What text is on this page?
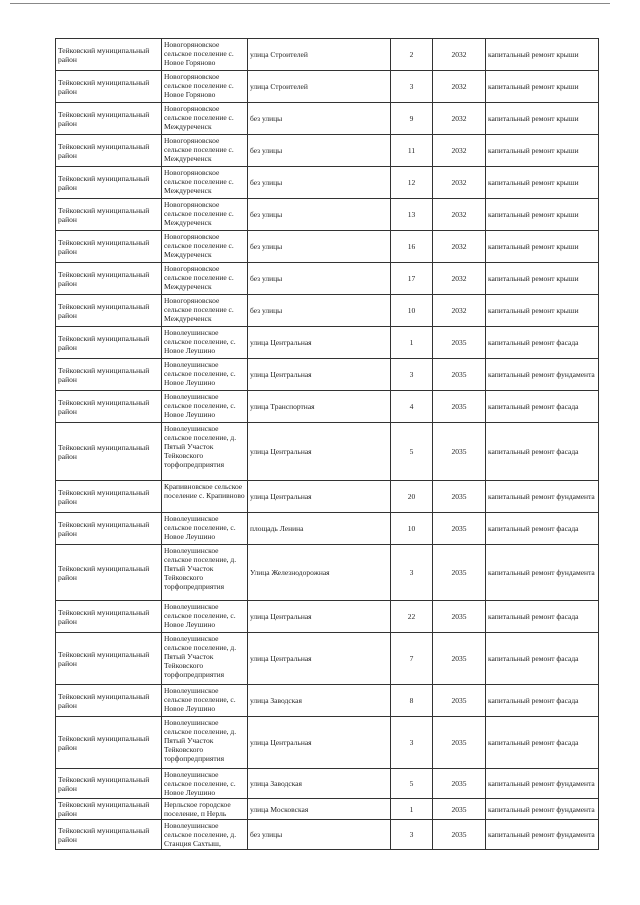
Тейковский муниципальный район	Новогоряновское сельское поселение с. Новое Горяново	улица Строителей	2	2032	капитальный ремонт крыши
Тейковский муниципальный район	Новогоряновское сельское поселение с. Новое Горяново	улица Строителей	3	2032	капитальный ремонт крыши
Тейковский муниципальный район	Новогоряновское сельское поселение с. Междуреченск	без улицы	9	2032	капитальный ремонт крыши
Тейковский муниципальный район	Новогоряновское сельское поселение с. Междуреченск	без улицы	11	2032	капитальный ремонт крыши
Тейковский муниципальный район	Новогоряновское сельское поселение с. Междуреченск	без улицы	12	2032	капитальный ремонт крыши
Тейковский муниципальный район	Новогоряновское сельское поселение с. Междуреченск	без улицы	13	2032	капитальный ремонт крыши
Тейковский муниципальный район	Новогоряновское сельское поселение с. Междуреченск	без улицы	16	2032	капитальный ремонт крыши
Тейковский муниципальный район	Новогоряновское сельское поселение с. Междуреченск	без улицы	17	2032	капитальный ремонт крыши
Тейковский муниципальный район	Новогоряновское сельское поселение с. Междуреченск	без улицы	10	2032	капитальный ремонт крыши
Тейковский муниципальный район	Новолеушинское сельское поселение, с. Новое Леушино	улица Центральная	1	2035	капитальный ремонт фасада
Тейковский муниципальный район	Новолеушинское сельское поселение, с. Новое Леушино	улица Центральная	3	2035	капитальный ремонт фундамента
Тейковский муниципальный район	Новолеушинское сельское поселение, с. Новое Леушино	улица Транспортная	4	2035	капитальный ремонт фасада
Тейковский муниципальный район	Новолеушинское сельское поселение, д. Пятый Участок Тейковского торфопредприятия	улица Центральная	5	2035	капитальный ремонт фасада
Тейковский муниципальный район	Крапивновское сельское поселение с. Крапивново	улица Центральная	20	2035	капитальный ремонт фундамента
Тейковский муниципальный район	Новолеушинское сельское поселение, с. Новое Леушино	площадь Ленина	10	2035	капитальный ремонт фасада
Тейковский муниципальный район	Новолеушинское сельское поселение, д. Пятый Участок Тейковского торфопредприятия	Улица Железнодорожная	3	2035	капитальный ремонт фундамента
Тейковский муниципальный район	Новолеушинское сельское поселение, с. Новое Леушино	улица Центральная	22	2035	капитальный ремонт фасада
Тейковский муниципальный район	Новолеушинское сельское поселение, д. Пятый Участок Тейковского торфопредприятия	улица Центральная	7	2035	капитальный ремонт фасада
Тейковский муниципальный район	Новолеушинское сельское поселение, с. Новое Леушино	улица Заводская	8	2035	капитальный ремонт фасада
Тейковский муниципальный район	Новолеушинское сельское поселение, д. Пятый Участок Тейковского торфопредприятия	улица Центральная	3	2035	капитальный ремонт фасада
Тейковский муниципальный район	Новолеушинское сельское поселение, с. Новое Леушино	улица Заводская	5	2035	капитальный ремонт фундамента
Тейковский муниципальный район	Нерльское городское поселение, п Нерль	улица Московская	1	2035	капитальный ремонт фундамента
Тейковский муниципальный район	Новолеушинское сельское поселение, д. Станция Сахтыш,	без улицы	3	2035	капитальный ремонт фундамента
